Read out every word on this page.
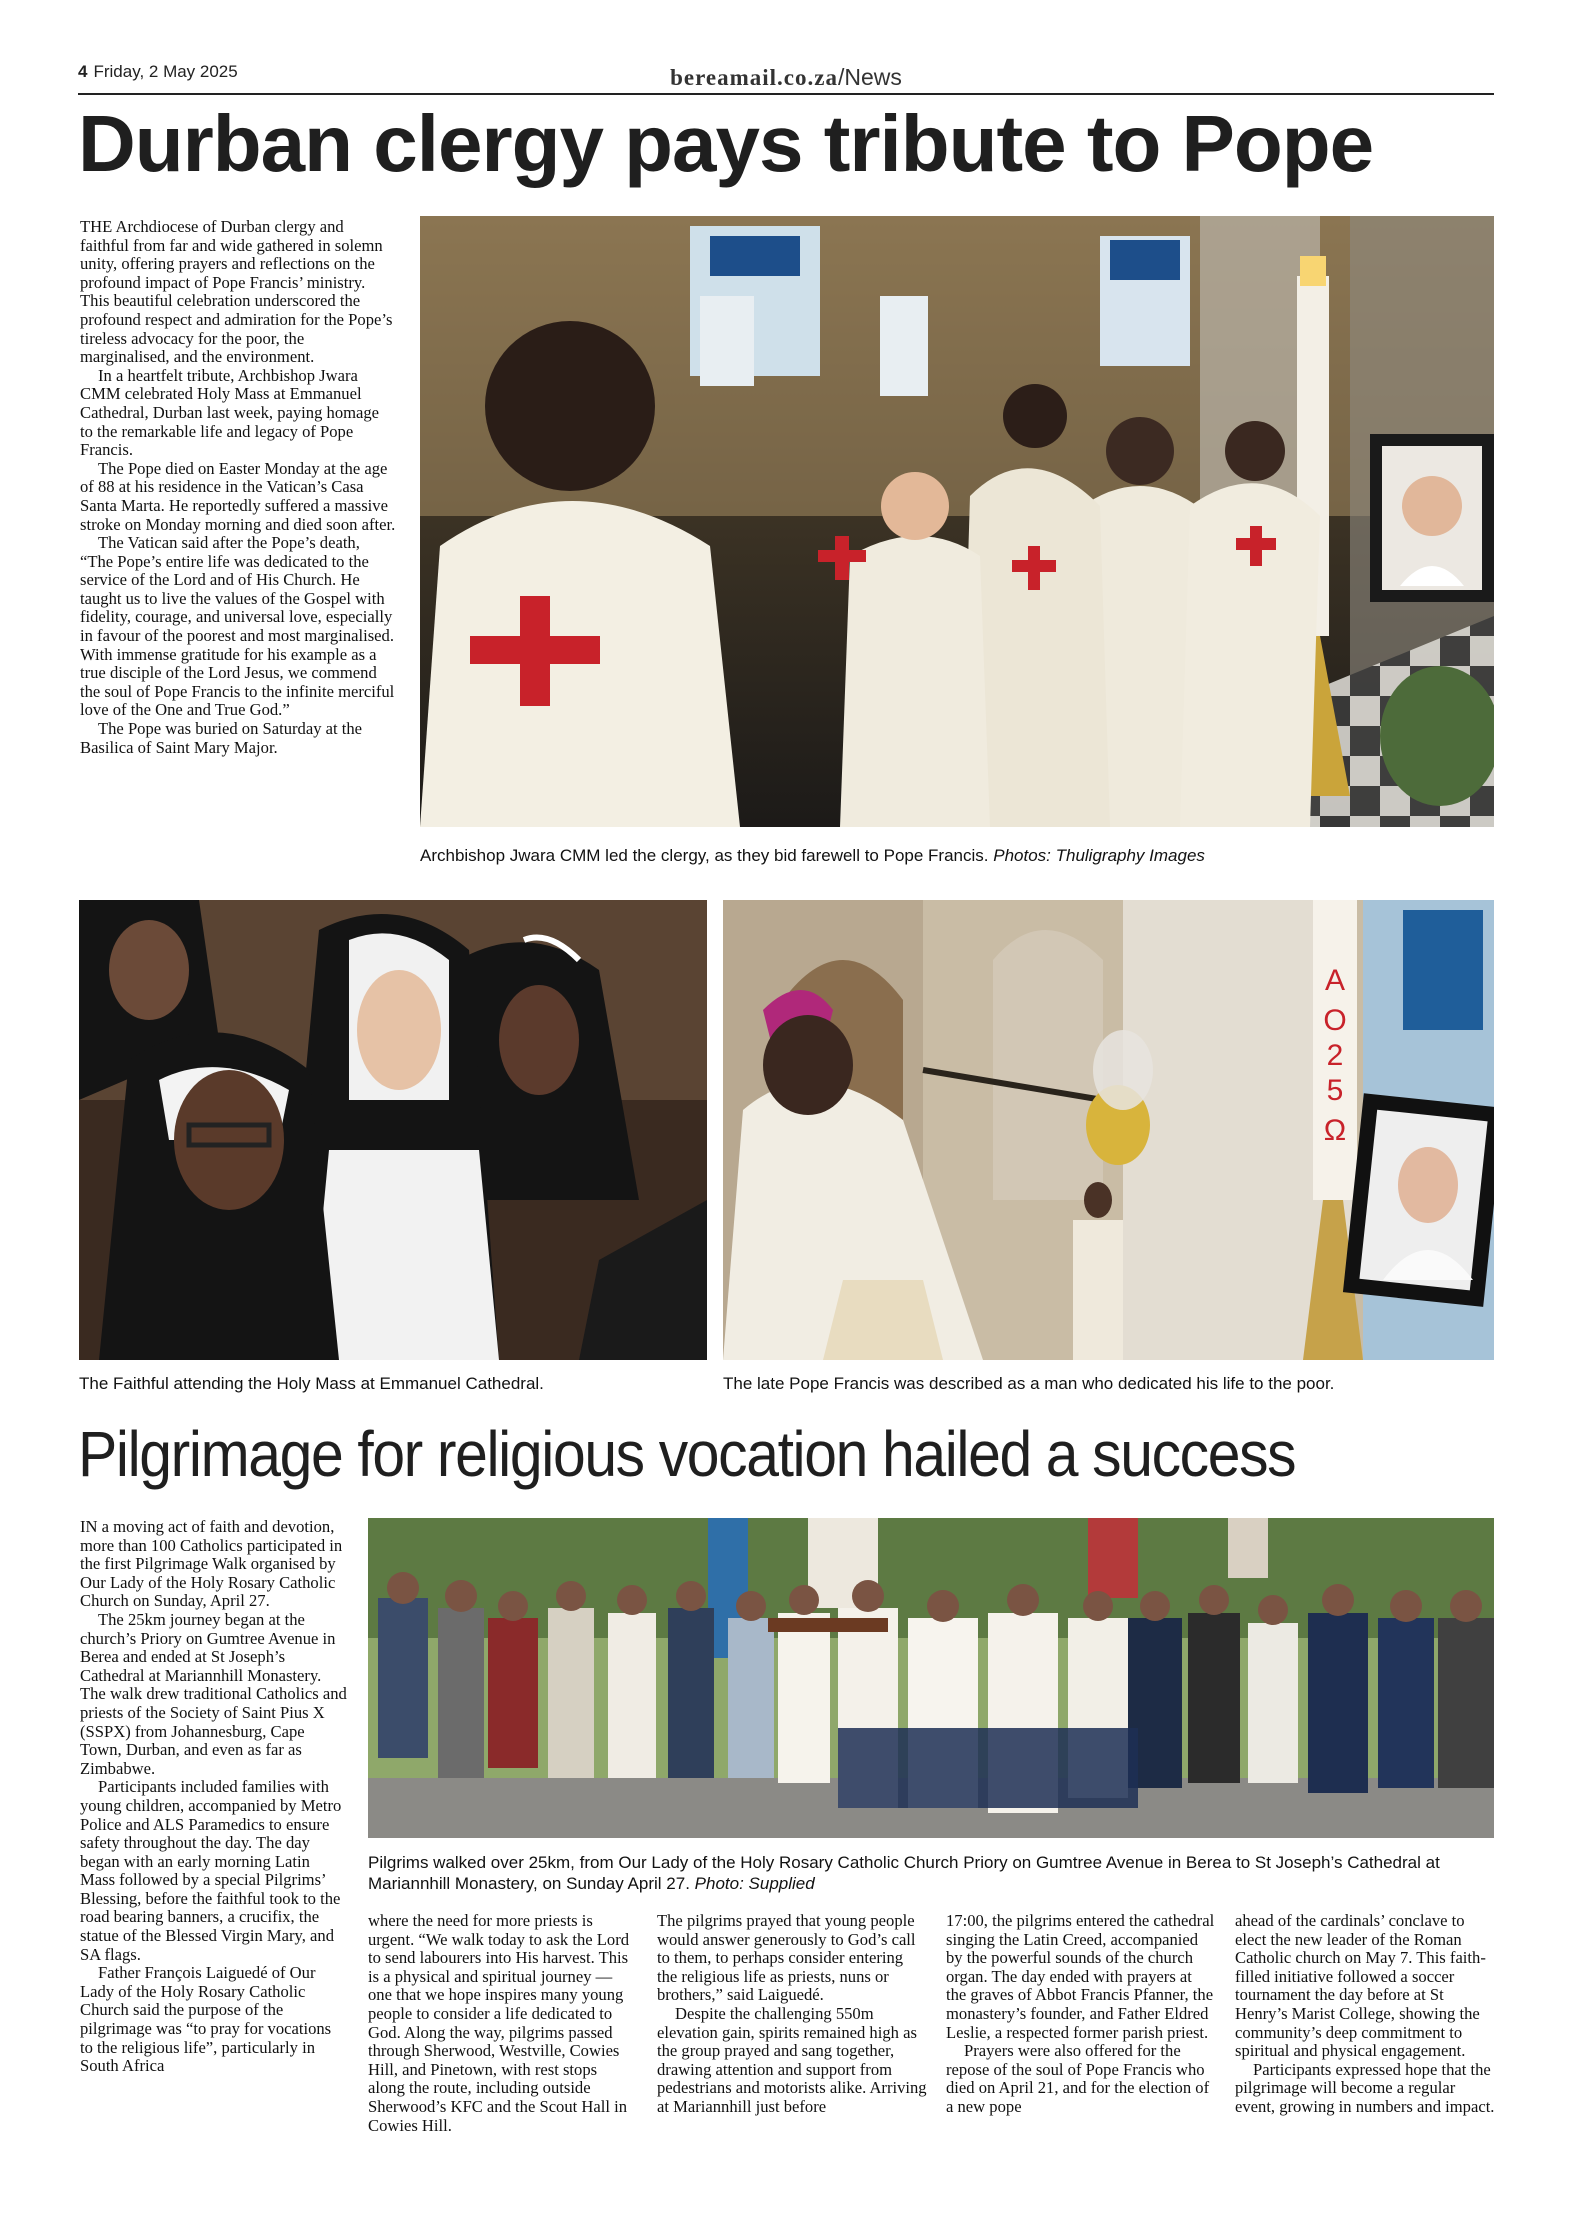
4 Friday, 2 May 2025	bereamail.co.za/News
Durban clergy pays tribute to Pope

THE Archdiocese of Durban clergy and faithful from far and wide gathered in solemn unity, offering prayers and reflections on the profound impact of Pope Francis’ ministry. This beautiful celebration underscored the profound respect and admiration for the Pope’s tireless advocacy for the poor, the marginalised, and the environment.

In a heartfelt tribute, Archbishop Jwara CMM celebrated Holy Mass at Emmanuel Cathedral, Durban last week, paying homage to the remarkable life and legacy of Pope Francis.

The Pope died on Easter Monday at the age of 88 at his residence in the Vatican’s Casa Santa Marta. He reportedly suffered a massive stroke on Monday morning and died soon after.

The Vatican said after the Pope’s death, “The Pope’s entire life was dedicated to the service of the Lord and of His Church. He taught us to live the values of the Gospel with fidelity, courage, and universal love, especially in favour of the poorest and most marginalised. With immense gratitude for his example as a true disciple of the Lord Jesus, we commend the soul of Pope Francis to the infinite merciful love of the One and True God.”

The Pope was buried on Saturday at the Basilica of Saint Mary Major.

Archbishop Jwara CMM led the clergy, as they bid farewell to Pope Francis. Photos: Thuligraphy Images
The Faithful attending the Holy Mass at Emmanuel Cathedral.
A
O
2
5
Ω
The late Pope Francis was described as a man who dedicated his life to the poor.
Pilgrimage for religious vocation hailed a success

IN a moving act of faith and devotion, more than 100 Catholics participated in the first Pilgrimage Walk organised by Our Lady of the Holy Rosary Catholic Church on Sunday, April 27.

The 25km journey began at the church’s Priory on Gumtree Avenue in Berea and ended at St Joseph’s Cathedral at Mariannhill Monastery. The walk drew traditional Catholics and priests of the Society of Saint Pius X (SSPX) from Johannesburg, Cape Town, Durban, and even as far as Zimbabwe.

Participants included families with young children, accompanied by Metro Police and ALS Paramedics to ensure safety throughout the day. The day began with an early morning Latin Mass followed by a special Pilgrims’ Blessing, before the faithful took to the road bearing banners, a crucifix, the statue of the Blessed Virgin Mary, and SA flags.

Father François Laiguedé of Our Lady of the Holy Rosary Catholic Church said the purpose of the pilgrimage was “to pray for vocations to the religious life”, particularly in South Africa

Pilgrims walked over 25km, from Our Lady of the Holy Rosary Catholic Church Priory on Gumtree Avenue in Berea to St Joseph’s Cathedral at Mariannhill Monastery, on Sunday April 27. Photo: Supplied

where the need for more priests is urgent. “We walk today to ask the Lord to send labourers into His harvest. This is a physical and spiritual journey — one that we hope inspires many young people to consider a life dedicated to God. Along the way, pilgrims passed through Sherwood, Westville, Cowies Hill, and Pinetown, with rest stops along the route, including outside Sherwood’s KFC and the Scout Hall in Cowies Hill.

The pilgrims prayed that young people would answer generously to God’s call to them, to perhaps consider entering the religious life as priests, nuns or brothers,” said Laiguedé.

Despite the challenging 550m elevation gain, spirits remained high as the group prayed and sang together, drawing attention and support from pedestrians and motorists alike. Arriving at Mariannhill just before

17:00, the pilgrims entered the cathedral singing the Latin Creed, accompanied by the powerful sounds of the church organ. The day ended with prayers at the graves of Abbot Francis Pfanner, the monastery’s founder, and Father Eldred Leslie, a respected former parish priest.

Prayers were also offered for the repose of the soul of Pope Francis who died on April 21, and for the election of a new pope

ahead of the cardinals’ conclave to elect the new leader of the Roman Catholic church on May 7. This faith-filled initiative followed a soccer tournament the day before at St Henry’s Marist College, showing the community’s deep commitment to spiritual and physical engagement.

Participants expressed hope that the pilgrimage will become a regular event, growing in numbers and impact.
